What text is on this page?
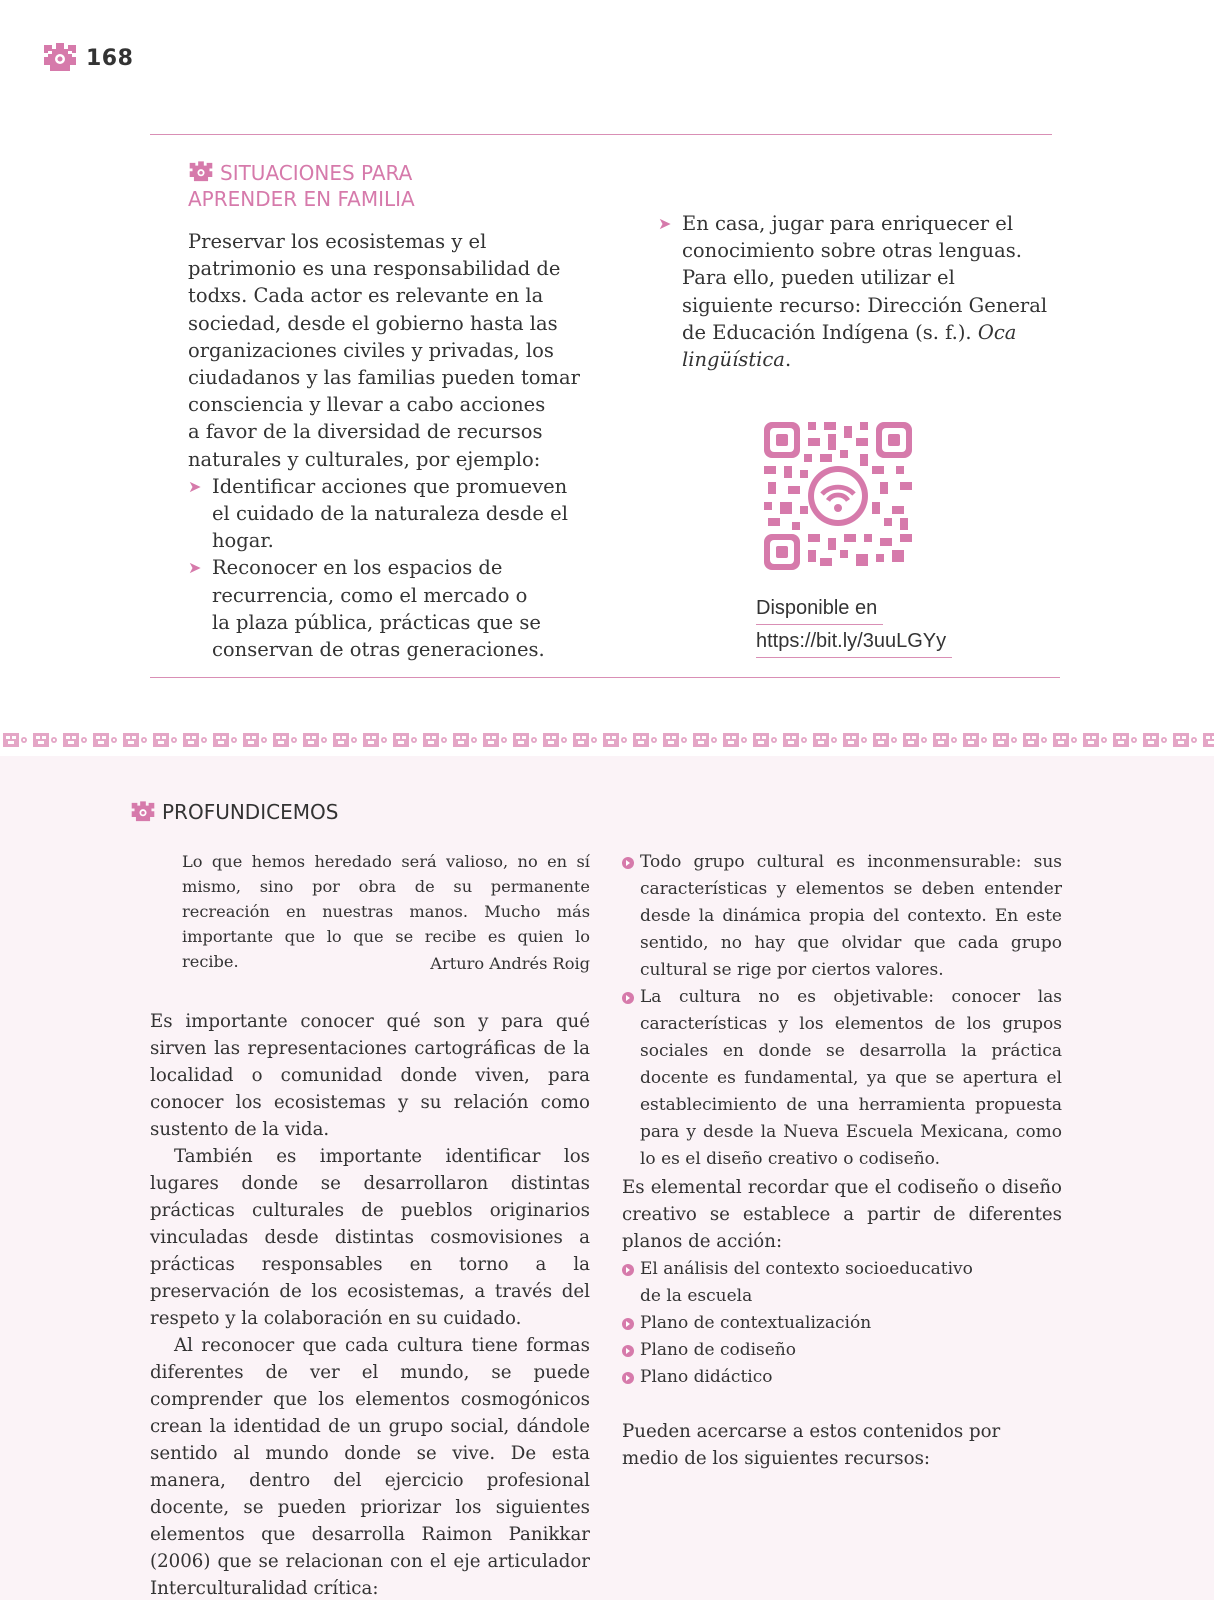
168
SITUACIONES PARA
APRENDER EN FAMILIA

Preservar los ecosistemas y el
patrimonio es una responsabilidad de
todxs. Cada actor es relevante en la
sociedad, desde el gobierno hasta las
organizaciones civiles y privadas, los
ciudadanos y las familias pueden tomar
consciencia y llevar a cabo acciones
a favor de la diversidad de recursos
naturales y culturales, por ejemplo:

➤ Identificar acciones que promueven
el cuidado de la naturaleza desde el
hogar.
➤ Reconocer en los espacios de
recurrencia, como el mercado o
la plaza pública, prácticas que se
conservan de otras generaciones.
➤ En casa, jugar para enriquecer el
conocimiento sobre otras lenguas.
Para ello, pueden utilizar el
siguiente recurso: Dirección General
de Educación Indígena (s. f.). Oca
lingüística.
Disponible en
https://bit.ly/3uuLGYy
PROFUNDICEMOS

Lo que hemos heredado será valioso, no en sí mismo, sino por obra de su permanente recreación en nuestras manos. Mucho más importante que lo que se recibe es quien lo recibe.	Arturo Andrés Roig

Es importante conocer qué son y para qué sirven las representaciones cartográficas de la localidad o comunidad donde viven, para conocer los ecosistemas y su relación como sustento de la vida.

También es importante identificar los lugares donde se desarrollaron distintas prácticas culturales de pueblos originarios vinculadas desde distintas cosmovisiones a prácticas responsables en torno a la preservación de los ecosistemas, a través del respeto y la colaboración en su cuidado.

Al reconocer que cada cultura tiene formas diferentes de ver el mundo, se puede comprender que los elementos cosmogónicos crean la identidad de un grupo social, dándole sentido al mundo donde se vive. De esta manera, dentro del ejercicio profesional docente, se pueden priorizar los siguientes elementos que desarrolla Raimon Panikkar (2006) que se relacionan con el eje articulador Interculturalidad crítica:

Todo grupo cultural es inconmensurable: sus características y elementos se deben entender desde la dinámica propia del contexto. En este sentido, no hay que olvidar que cada grupo cultural se rige por ciertos valores.
La cultura no es objetivable: conocer las características y los elementos de los grupos sociales en donde se desarrolla la práctica docente es fundamental, ya que se apertura el establecimiento de una herramienta propuesta para y desde la Nueva Escuela Mexicana, como lo es el diseño creativo o codiseño.

Es elemental recordar que el codiseño o diseño creativo se establece a partir de diferentes planos de acción:

El análisis del contexto socioeducativo de la escuela
Plano de contextualización
Plano de codiseño
Plano didáctico

Pueden acercarse a estos contenidos por medio de los siguientes recursos:
